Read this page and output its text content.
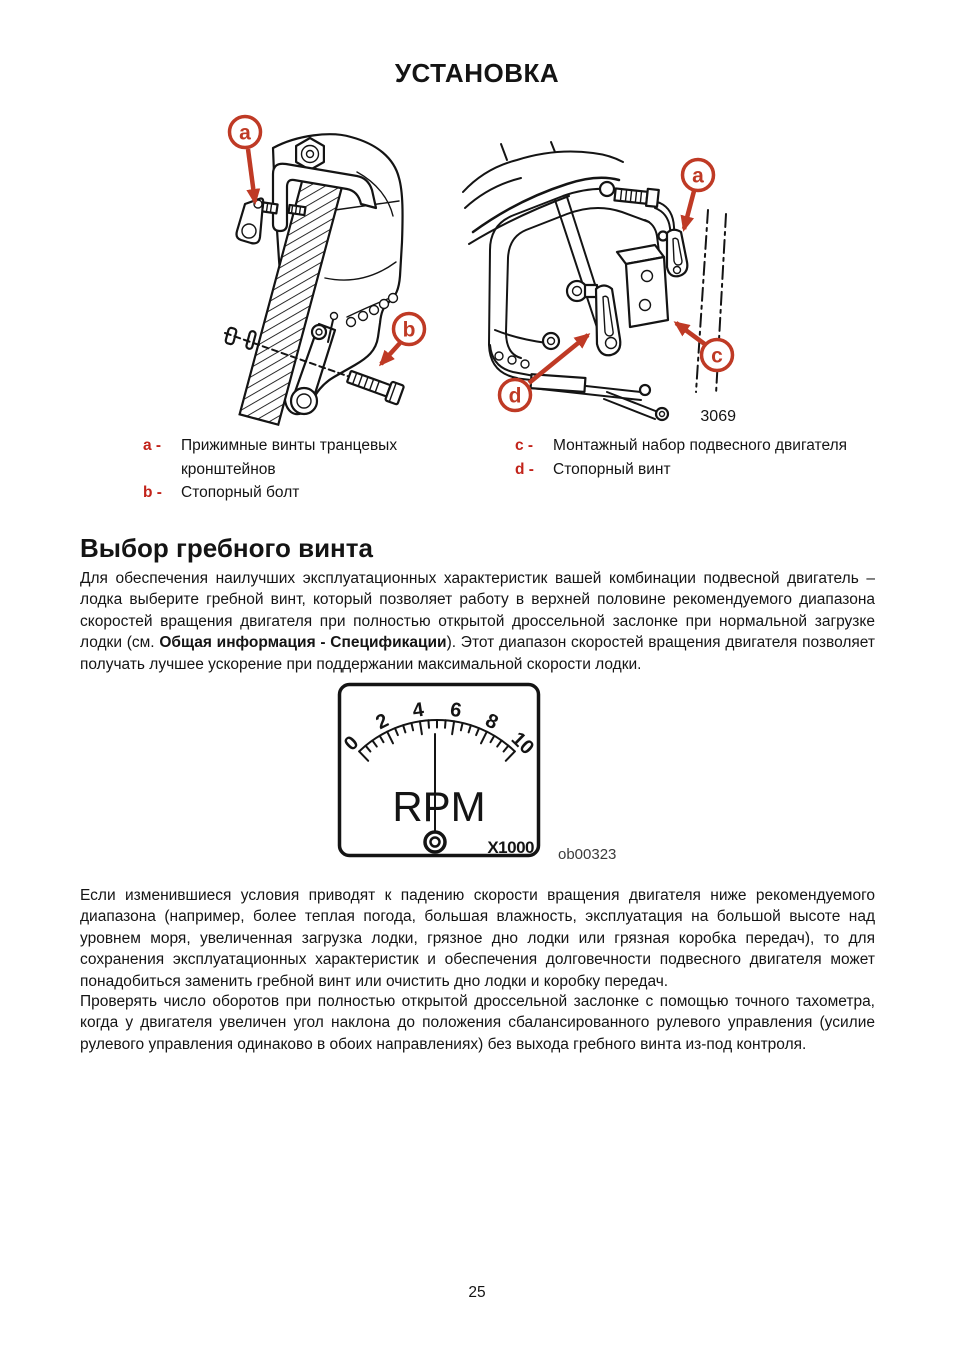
УСТАНОВКА
a
b
a
c
d
3069
a -	Прижимные винты транцевых кронштейнов
b -	Стопорный болт
c -	Монтажный набор подвесного двигателя
d -	Стопорный винт
Выбор гребного винта

Для обеспечения наилучших эксплуатационных характеристик вашей комбинации подвесной двигатель – лодка выберите гребной винт, который позволяет работу в верхней половине рекомендуемого диапазона скоростей вращения двигателя при полностью открытой дроссельной заслонке при нормальной загрузке лодки (см. Общая информация - Спецификации). Этот диапазон скоростей вращения двигателя позволяет получать лучшее ускорение при поддержании максимальной скорости лодки.

0
2 4 6 8
10
RPM
X1000 ob00323

Если изменившиеся условия приводят к падению скорости вращения двигателя ниже рекомендуемого диапазона (например, более теплая погода, большая влажность, эксплуатация на большой высоте над уровнем моря, увеличенная загрузка лодки, грязное дно лодки или грязная коробка передач), то для сохранения эксплуатационных характеристик и обеспечения долговечности подвесного двигателя может понадобиться заменить гребной винт или очистить дно лодки и коробку передач.

Проверять число оборотов при полностью открытой дроссельной заслонке с помощью точного тахометра, когда у двигателя увеличен угол наклона до положения сбалансированного рулевого управления (усилие рулевого управления одинаково в обоих направлениях) без выхода гребного винта из-под контроля.

25
